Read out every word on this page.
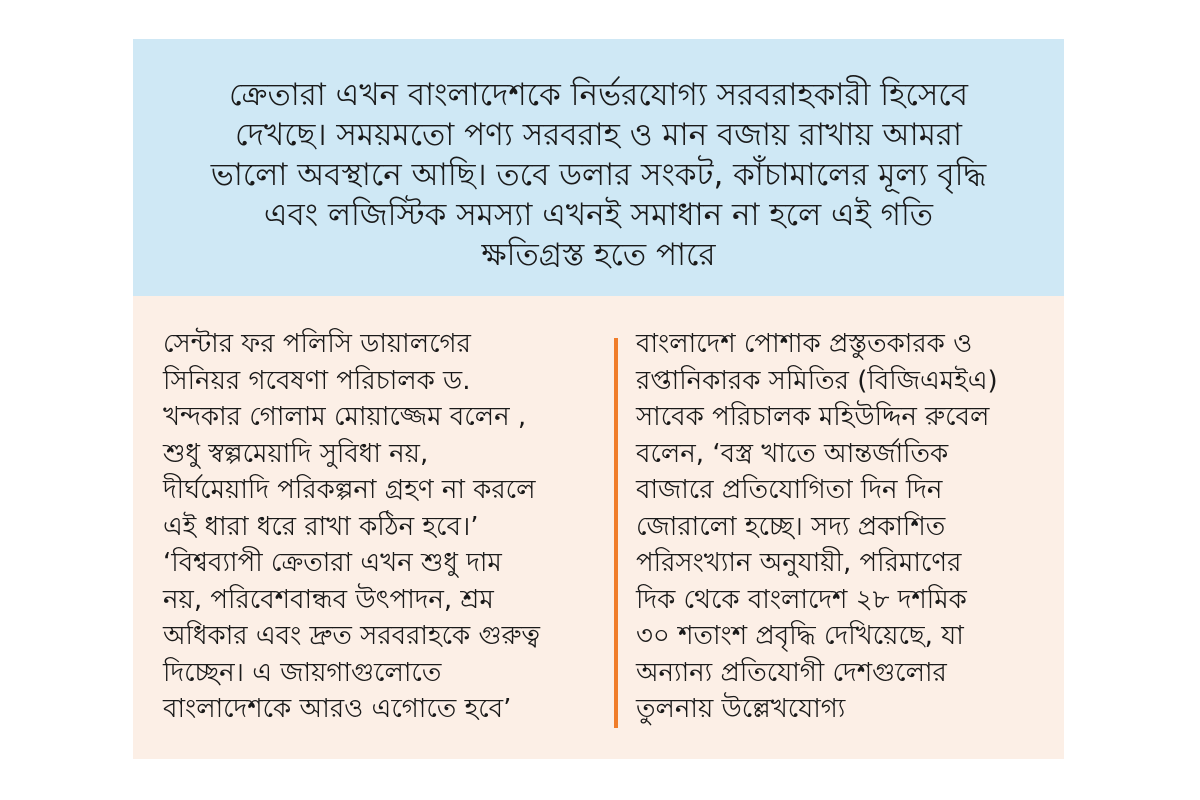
ক্রেতারা এখন বাংলাদেশকে নির্ভরযোগ্য সরবরাহকারী হিসেবে
দেখছে। সময়মতো পণ্য সরবরাহ ও মান বজায় রাখায় আমরা
ভালো অবস্থানে আছি। তবে ডলার সংকট, কাঁচামালের মূল্য বৃদ্ধি
এবং লজিস্টিক সমস্যা এখনই সমাধান না হলে এই গতি
ক্ষতিগ্রস্ত হতে পারে
সেন্টার ফর পলিসি ডায়ালগের
সিনিয়র গবেষণা পরিচালক ড.
খন্দকার গোলাম মোয়াজ্জেম বলেন ,
শুধু স্বল্পমেয়াদি সুবিধা নয়,
দীর্ঘমেয়াদি পরিকল্পনা গ্রহণ না করলে
এই ধারা ধরে রাখা কঠিন হবে।’
‘বিশ্বব্যাপী ক্রেতারা এখন শুধু দাম
নয়, পরিবেশবান্ধব উৎপাদন, শ্রম
অধিকার এবং দ্রুত সরবরাহকে গুরুত্ব
দিচ্ছেন। এ জায়গাগুলোতে
বাংলাদেশকে আরও এগোতে হবে’
বাংলাদেশ পোশাক প্রস্তুতকারক ও
রপ্তানিকারক সমিতির (বিজিএমইএ)
সাবেক পরিচালক মহিউদ্দিন রুবেল
বলেন, ‘বস্ত্র খাতে আন্তর্জাতিক
বাজারে প্রতিযোগিতা দিন দিন
জোরালো হচ্ছে। সদ্য প্রকাশিত
পরিসংখ্যান অনুযায়ী, পরিমাণের
দিক থেকে বাংলাদেশ ২৮ দশমিক
৩০ শতাংশ প্রবৃদ্ধি দেখিয়েছে, যা
অন্যান্য প্রতিযোগী দেশগুলোর
তুলনায় উল্লেখযোগ্য
